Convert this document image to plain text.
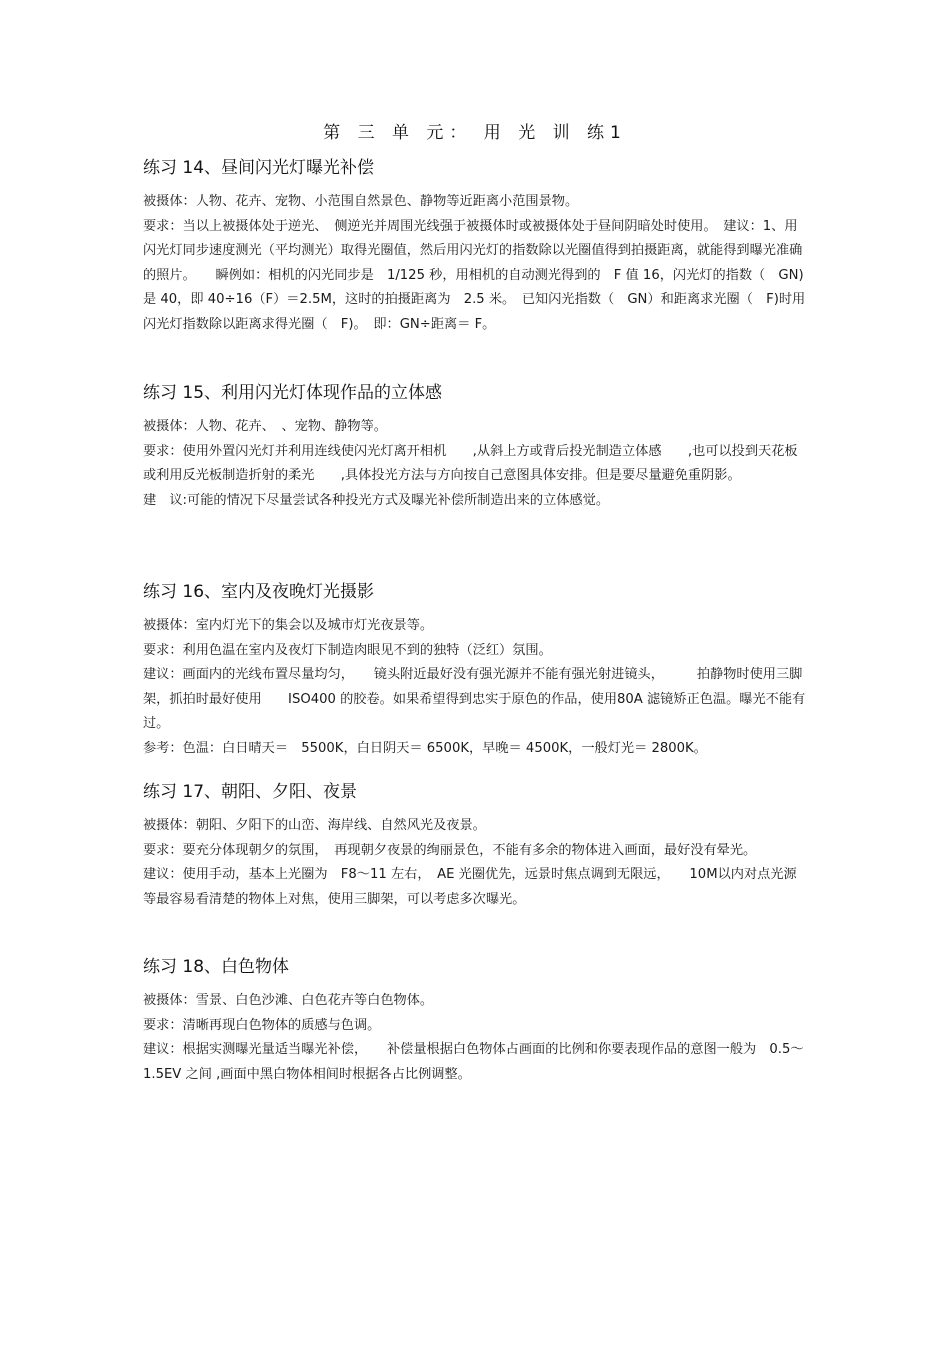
第 三 单 元： 用 光 训 练1
练习 14、昼间闪光灯曝光补偿

被摄体：人物、花卉、宠物、小范围自然景色、静物等近距离小范围景物。

要求：当以上被摄体处于逆光、　侧逆光并周围光线强于被摄体时或被摄体处于昼间阴暗处时使用。　建议：1、用闪光灯同步速度测光（平均测光）取得光圈值，然后用闪光灯的指数除以光圈值得到拍摄距离，就能得到曝光准确的照片。　　瞬例如：相机的闪光同步是　1/125 秒，用相机的自动测光得到的　F 值 16，闪光灯的指数（　GN) 是 40，即 40÷16（F）＝2.5M，这时的拍摄距离为　2.5 米。　已知闪光指数（　GN）和距离求光圈（　F)时用闪光灯指数除以距离求得光圈（　F)。　即：GN÷距离＝ F。

练习 15、利用闪光灯体现作品的立体感

被摄体：人物、花卉、　、宠物、静物等。

要求：使用外置闪光灯并利用连线使闪光灯离开相机　　,从斜上方或背后投光制造立体感　　,也可以投到天花板或利用反光板制造折射的柔光　　,具体投光方法与方向按自己意图具体安排。但是要尽量避免重阴影。

建　议:可能的情况下尽量尝试各种投光方式及曝光补偿所制造出来的立体感觉。

练习 16、室内及夜晚灯光摄影

被摄体：室内灯光下的集会以及城市灯光夜景等。

要求：利用色温在室内及夜灯下制造肉眼见不到的独特（泛红）氛围。

建议：画面内的光线布置尽量均匀，　　镜头附近最好没有强光源并不能有强光射进镜头，　　　拍静物时使用三脚架，抓拍时最好使用　　ISO400 的胶卷。如果希望得到忠实于原色的作品，使用80A 滤镜矫正色温。曝光不能有过。

参考：色温：白日晴天＝　5500K，白日阴天＝ 6500K，早晚＝ 4500K，一般灯光＝ 2800K。

练习 17、朝阳、夕阳、夜景

被摄体：朝阳、夕阳下的山峦、海岸线、自然风光及夜景。

要求：要充分体现朝夕的氛围，　再现朝夕夜景的绚丽景色，不能有多余的物体进入画面，最好没有晕光。

建议：使用手动，基本上光圈为　F8～11 左右，　AE 光圈优先，远景时焦点调到无限远，　　10M以内对点光源等最容易看清楚的物体上对焦，使用三脚架，可以考虑多次曝光。

练习 18、白色物体

被摄体：雪景、白色沙滩、白色花卉等白色物体。

要求：清晰再现白色物体的质感与色调。

建议：根据实测曝光量适当曝光补偿，　　补偿量根据白色物体占画面的比例和你要表现作品的意图一般为　0.5～1.5EV 之间 ,画面中黑白物体相间时根据各占比例调整。
